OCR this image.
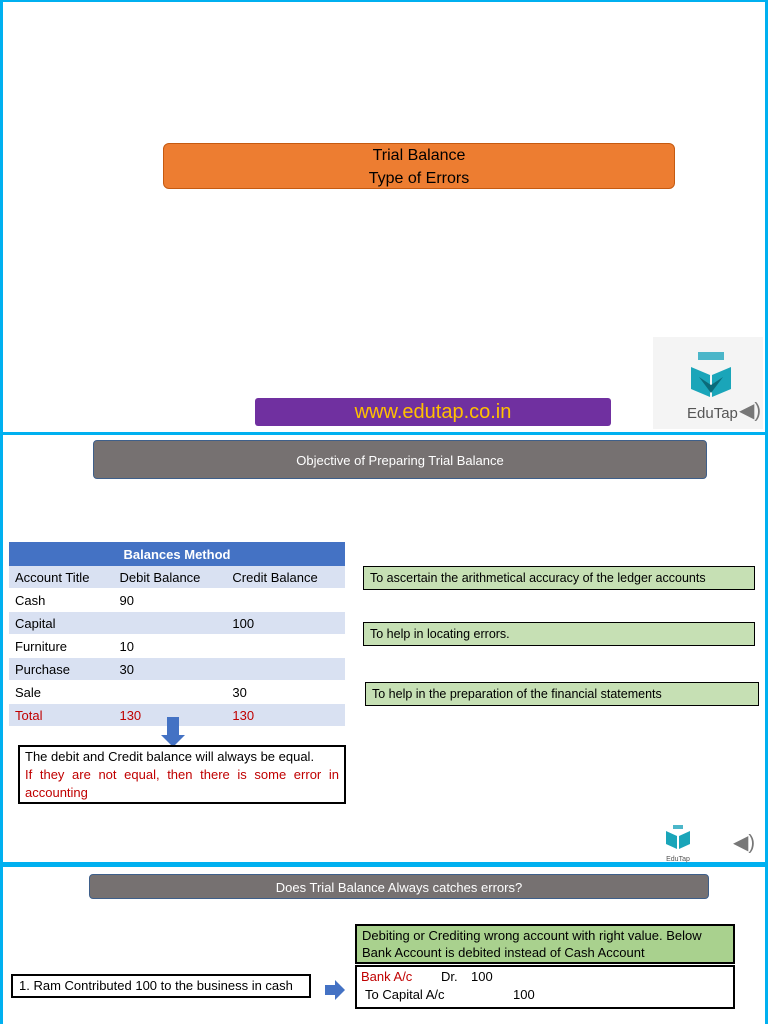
Trial Balance
Type of Errors
www.edutap.co.in	EduTap ◀)
Objective of Preparing Trial Balance
Balances Method		
Account Title	Debit Balance	Credit Balance
Cash	90	
Capital		100
Furniture	10	
Purchase	30	
Sale		30
Total	130	130
The debit and Credit balance will always be equal.
If they are not equal, then there is some error in accounting
To ascertain the arithmetical accuracy of the ledger accounts
To help in locating errors.
To help in the preparation of the financial statements
EduTap
◀)
Does Trial Balance Always catches errors?
1. Ram Contributed 100 to the business in cash
Debiting or Crediting wrong account with right value. Below Bank Account is debited instead of Cash Account
Bank A/c Dr. 100
To Capital A/c	100
